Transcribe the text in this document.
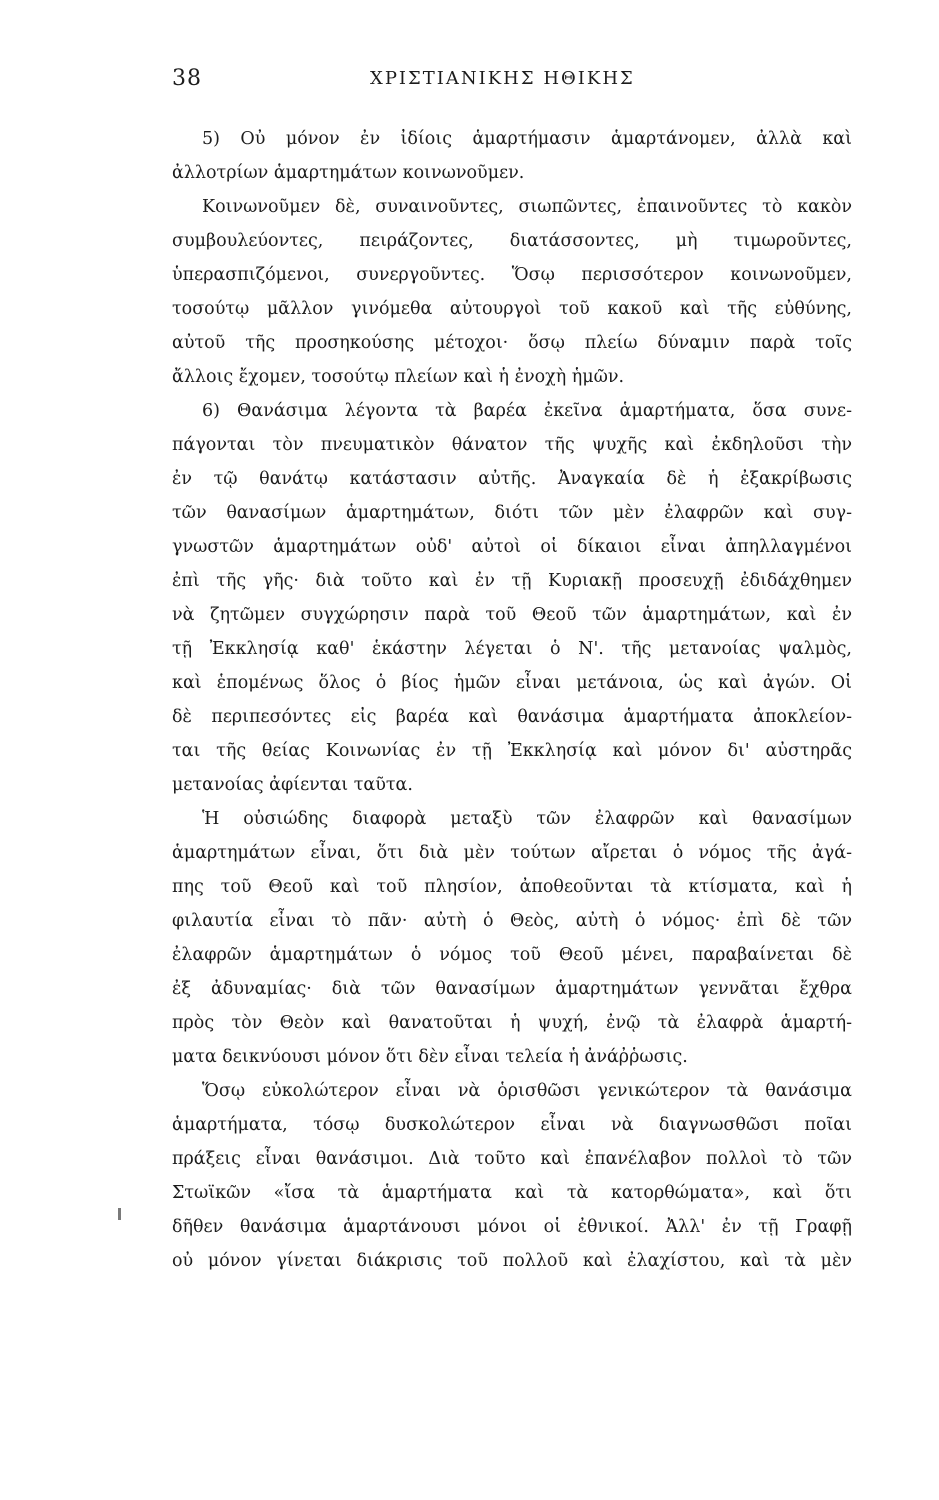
38	ΧΡΙΣΤΙΑΝΙΚΗΣ ΗΘΙΚΗΣ
5) Οὐ μόνον ἐν ἰδίοις ἁμαρτήμασιν ἁμαρτάνομεν, ἀλλὰ καὶ
ἀλλοτρίων ἁμαρτημάτων κοινωνοῦμεν.
Κοινωνοῦμεν δὲ, συναινοῦντες, σιωπῶντες, ἐπαινοῦντες τὸ κακὸν
συμβουλεύοντες, πειράζοντες, διατάσσοντες, μὴ τιμωροῦντες,
ὑπερασπιζόμενοι, συνεργοῦντες. Ὅσῳ περισσότερον κοινωνοῦμεν,
τοσούτῳ μᾶλλον γινόμεθα αὐτουργοὶ τοῦ κακοῦ καὶ τῆς εὐθύνης,
αὐτοῦ τῆς προσηκούσης μέτοχοι· ὅσῳ πλείω δύναμιν παρὰ τοῖς
ἄλλοις ἔχομεν, τοσούτῳ πλείων καὶ ἡ ἐνοχὴ ἡμῶν.
6) Θανάσιμα λέγοντα τὰ βαρέα ἐκεῖνα ἁμαρτήματα, ὅσα συνε-
πάγονται τὸν πνευματικὸν θάνατον τῆς ψυχῆς καὶ ἐκδηλοῦσι τὴν
ἐν τῷ θανάτῳ κατάστασιν αὐτῆς. Ἀναγκαία δὲ ἡ ἐξακρίβωσις
τῶν θανασίμων ἁμαρτημάτων, διότι τῶν μὲν ἐλαφρῶν καὶ συγ-
γνωστῶν ἁμαρτημάτων οὐδ' αὐτοὶ οἱ δίκαιοι εἶναι ἀπηλλαγμένοι
ἐπὶ τῆς γῆς· διὰ τοῦτο καὶ ἐν τῇ Κυριακῇ προσευχῇ ἐδιδάχθημεν
νὰ ζητῶμεν συγχώρησιν παρὰ τοῦ Θεοῦ τῶν ἁμαρτημάτων, καὶ ἐν
τῇ Ἐκκλησίᾳ καθ' ἑκάστην λέγεται ὁ Ν'. τῆς μετανοίας ψαλμὸς,
καὶ ἑπομένως ὅλος ὁ βίος ἡμῶν εἶναι μετάνοια, ὡς καὶ ἀγών. Οἱ
δὲ περιπεσόντες εἰς βαρέα καὶ θανάσιμα ἁμαρτήματα ἀποκλείον-
ται τῆς θείας Κοινωνίας ἐν τῇ Ἐκκλησίᾳ καὶ μόνον δι' αὐστηρᾶς
μετανοίας ἀφίενται ταῦτα.
Ἡ οὐσιώδης διαφορὰ μεταξὺ τῶν ἐλαφρῶν καὶ θανασίμων
ἁμαρτημάτων εἶναι, ὅτι διὰ μὲν τούτων αἴρεται ὁ νόμος τῆς ἀγά-
πης τοῦ Θεοῦ καὶ τοῦ πλησίον, ἀποθεοῦνται τὰ κτίσματα, καὶ ἡ
φιλαυτία εἶναι τὸ πᾶν· αὐτὴ ὁ Θεὸς, αὐτὴ ὁ νόμος· ἐπὶ δὲ τῶν
ἐλαφρῶν ἁμαρτημάτων ὁ νόμος τοῦ Θεοῦ μένει, παραβαίνεται δὲ
ἐξ ἀδυναμίας· διὰ τῶν θανασίμων ἁμαρτημάτων γεννᾶται ἔχθρα
πρὸς τὸν Θεὸν καὶ θανατοῦται ἡ ψυχή, ἐνῷ τὰ ἐλαφρὰ ἁμαρτή-
ματα δεικνύουσι μόνον ὅτι δὲν εἶναι τελεία ἡ ἀνάῤῥωσις.
Ὅσῳ εὐκολώτερον εἶναι νὰ ὁρισθῶσι γενικώτερον τὰ θανάσιμα
ἁμαρτήματα, τόσῳ δυσκολώτερον εἶναι νὰ διαγνωσθῶσι ποῖαι
πράξεις εἶναι θανάσιμοι. Διὰ τοῦτο καὶ ἐπανέλαβον πολλοὶ τὸ τῶν
Στωϊκῶν «ἴσα τὰ ἁμαρτήματα καὶ τὰ κατορθώματα», καὶ ὅτι
δῆθεν θανάσιμα ἁμαρτάνουσι μόνοι οἱ ἐθνικοί. Ἀλλ' ἐν τῇ Γραφῇ
οὐ μόνον γίνεται διάκρισις τοῦ πολλοῦ καὶ ἐλαχίστου, καὶ τὰ μὲν
